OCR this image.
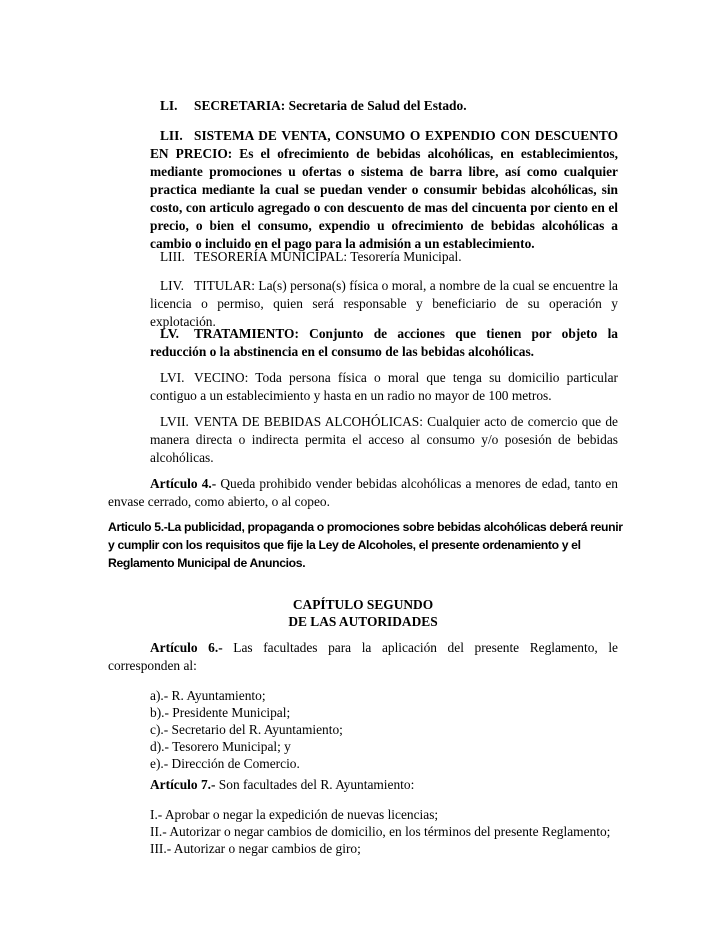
LI. SECRETARIA: Secretaria de Salud del Estado.
LII. SISTEMA DE VENTA, CONSUMO O EXPENDIO CON DESCUENTO EN PRECIO: Es el ofrecimiento de bebidas alcohólicas, en establecimientos, mediante promociones u ofertas o sistema de barra libre, así como cualquier practica mediante la cual se puedan vender o consumir bebidas alcohólicas, sin costo, con articulo agregado o con descuento de mas del cincuenta por ciento en el precio, o bien el consumo, expendio u ofrecimiento de bebidas alcohólicas a cambio o incluido en el pago para la admisión a un establecimiento.
LIII. TESORERÍA MUNICIPAL: Tesorería Municipal.
LIV. TITULAR: La(s) persona(s) física o moral, a nombre de la cual se encuentre la licencia o permiso, quien será responsable y beneficiario de su operación y explotación.
LV. TRATAMIENTO: Conjunto de acciones que tienen por objeto la reducción o la abstinencia en el consumo de las bebidas alcohólicas.
LVI. VECINO: Toda persona física o moral que tenga su domicilio particular contiguo a un establecimiento y hasta en un radio no mayor de 100 metros.
LVII. VENTA DE BEBIDAS ALCOHÓLICAS: Cualquier acto de comercio que de manera directa o indirecta permita el acceso al consumo y/o posesión de bebidas alcohólicas.
Artículo 4.- Queda prohibido vender bebidas alcohólicas a menores de edad, tanto en envase cerrado, como abierto, o al copeo.
Articulo 5.-La publicidad, propaganda o promociones sobre bebidas alcohólicas deberá reunir y cumplir con los requisitos que fije la Ley de Alcoholes, el presente ordenamiento y el Reglamento Municipal de Anuncios.
CAPÍTULO SEGUNDO
DE LAS AUTORIDADES
Artículo 6.- Las facultades para la aplicación del presente Reglamento, le corresponden al:
a).- R. Ayuntamiento;
b).- Presidente Municipal;
c).- Secretario del R. Ayuntamiento;
d).- Tesorero Municipal; y
e).- Dirección de Comercio.
Artículo 7.- Son facultades del R. Ayuntamiento:
I.- Aprobar o negar la expedición de nuevas licencias;
II.- Autorizar o negar cambios de domicilio, en los términos del presente Reglamento;
III.- Autorizar o negar cambios de giro;
